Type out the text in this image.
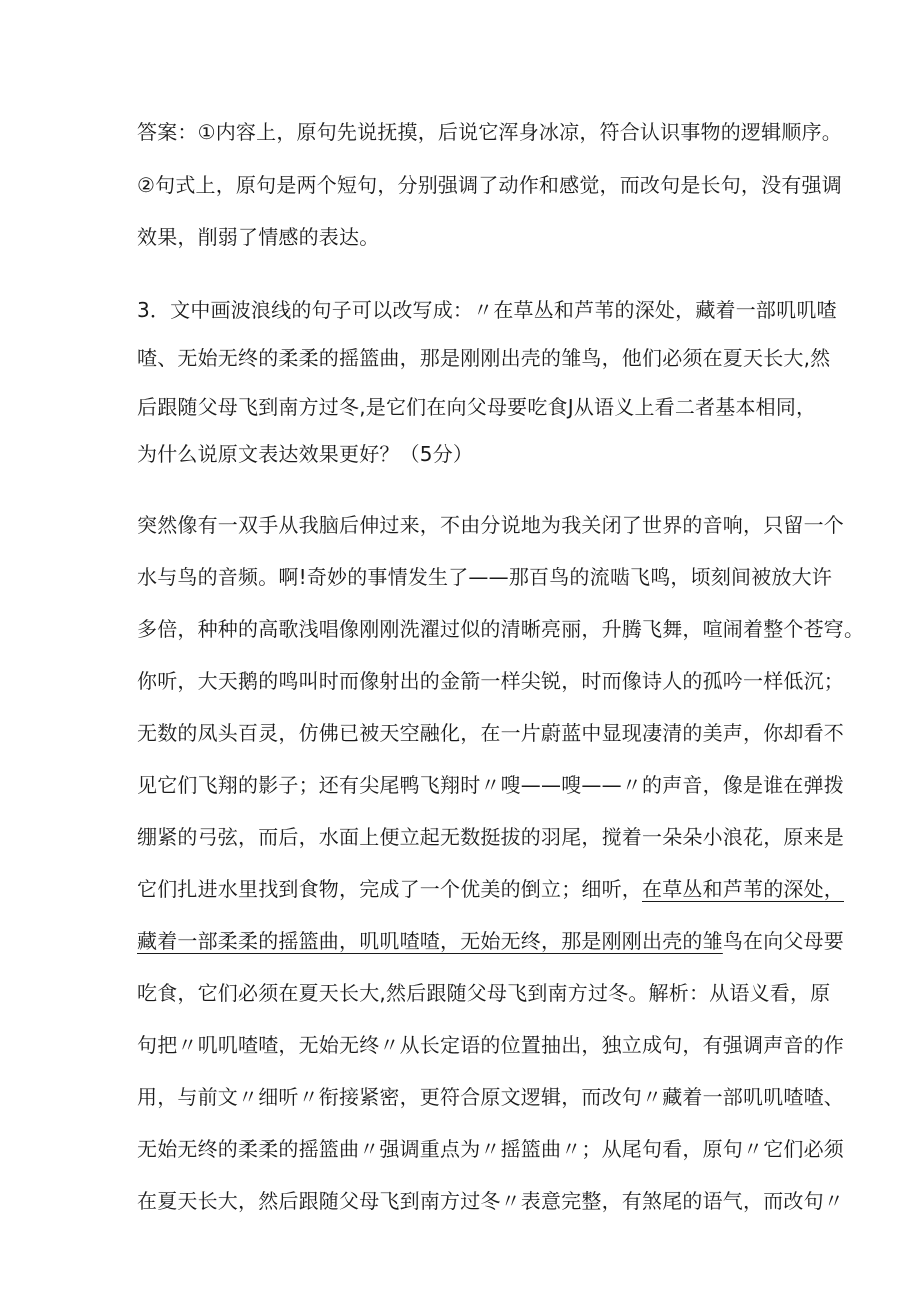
答案：①内容上，原句先说抚摸，后说它浑身冰凉，符合认识事物的逻辑顺序。
②句式上，原句是两个短句，分别强调了动作和感觉，而改句是长句，没有强调
效果，削弱了情感的表达。
3．文中画波浪线的句子可以改写成：〃在草丛和芦苇的深处，藏着一部叽叽喳
喳、无始无终的柔柔的摇篮曲，那是刚刚出壳的雏鸟，他们必须在夏天长大,然
后跟随父母飞到南方过冬,是它们在向父母要吃食J从语义上看二者基本相同，
为什么说原文表达效果更好？（5分）
突然像有一双手从我脑后伸过来，不由分说地为我关闭了世界的音响，只留一个
水与鸟的音频。啊!奇妙的事情发生了——那百鸟的流啮飞鸣，顷刻间被放大许
多倍，种种的高歌浅唱像刚刚洗濯过似的清晰亮丽，升腾飞舞，喧闹着整个苍穹。
你听，大天鹅的鸣叫时而像射出的金箭一样尖锐，时而像诗人的孤吟一样低沉；
无数的凤头百灵，仿佛已被天空融化，在一片蔚蓝中显现凄清的美声，你却看不
见它们飞翔的影子；还有尖尾鸭飞翔时〃嗖——嗖——〃的声音，像是谁在弹拨
绷紧的弓弦，而后，水面上便立起无数挺拔的羽尾，搅着一朵朵小浪花，原来是
它们扎进水里找到食物，完成了一个优美的倒立；细听，在草丛和芦苇的深处，
藏着一部柔柔的摇篮曲，叽叽喳喳，无始无终，那是刚刚出壳的雏鸟在向父母要
吃食，它们必须在夏天长大,然后跟随父母飞到南方过冬。解析：从语义看，原
句把〃叽叽喳喳，无始无终〃从长定语的位置抽出，独立成句，有强调声音的作
用，与前文〃细听〃衔接紧密，更符合原文逻辑，而改句〃藏着一部叽叽喳喳、
无始无终的柔柔的摇篮曲〃强调重点为〃摇篮曲〃；从尾句看，原句〃它们必须
在夏天长大，然后跟随父母飞到南方过冬〃表意完整，有煞尾的语气，而改句〃
